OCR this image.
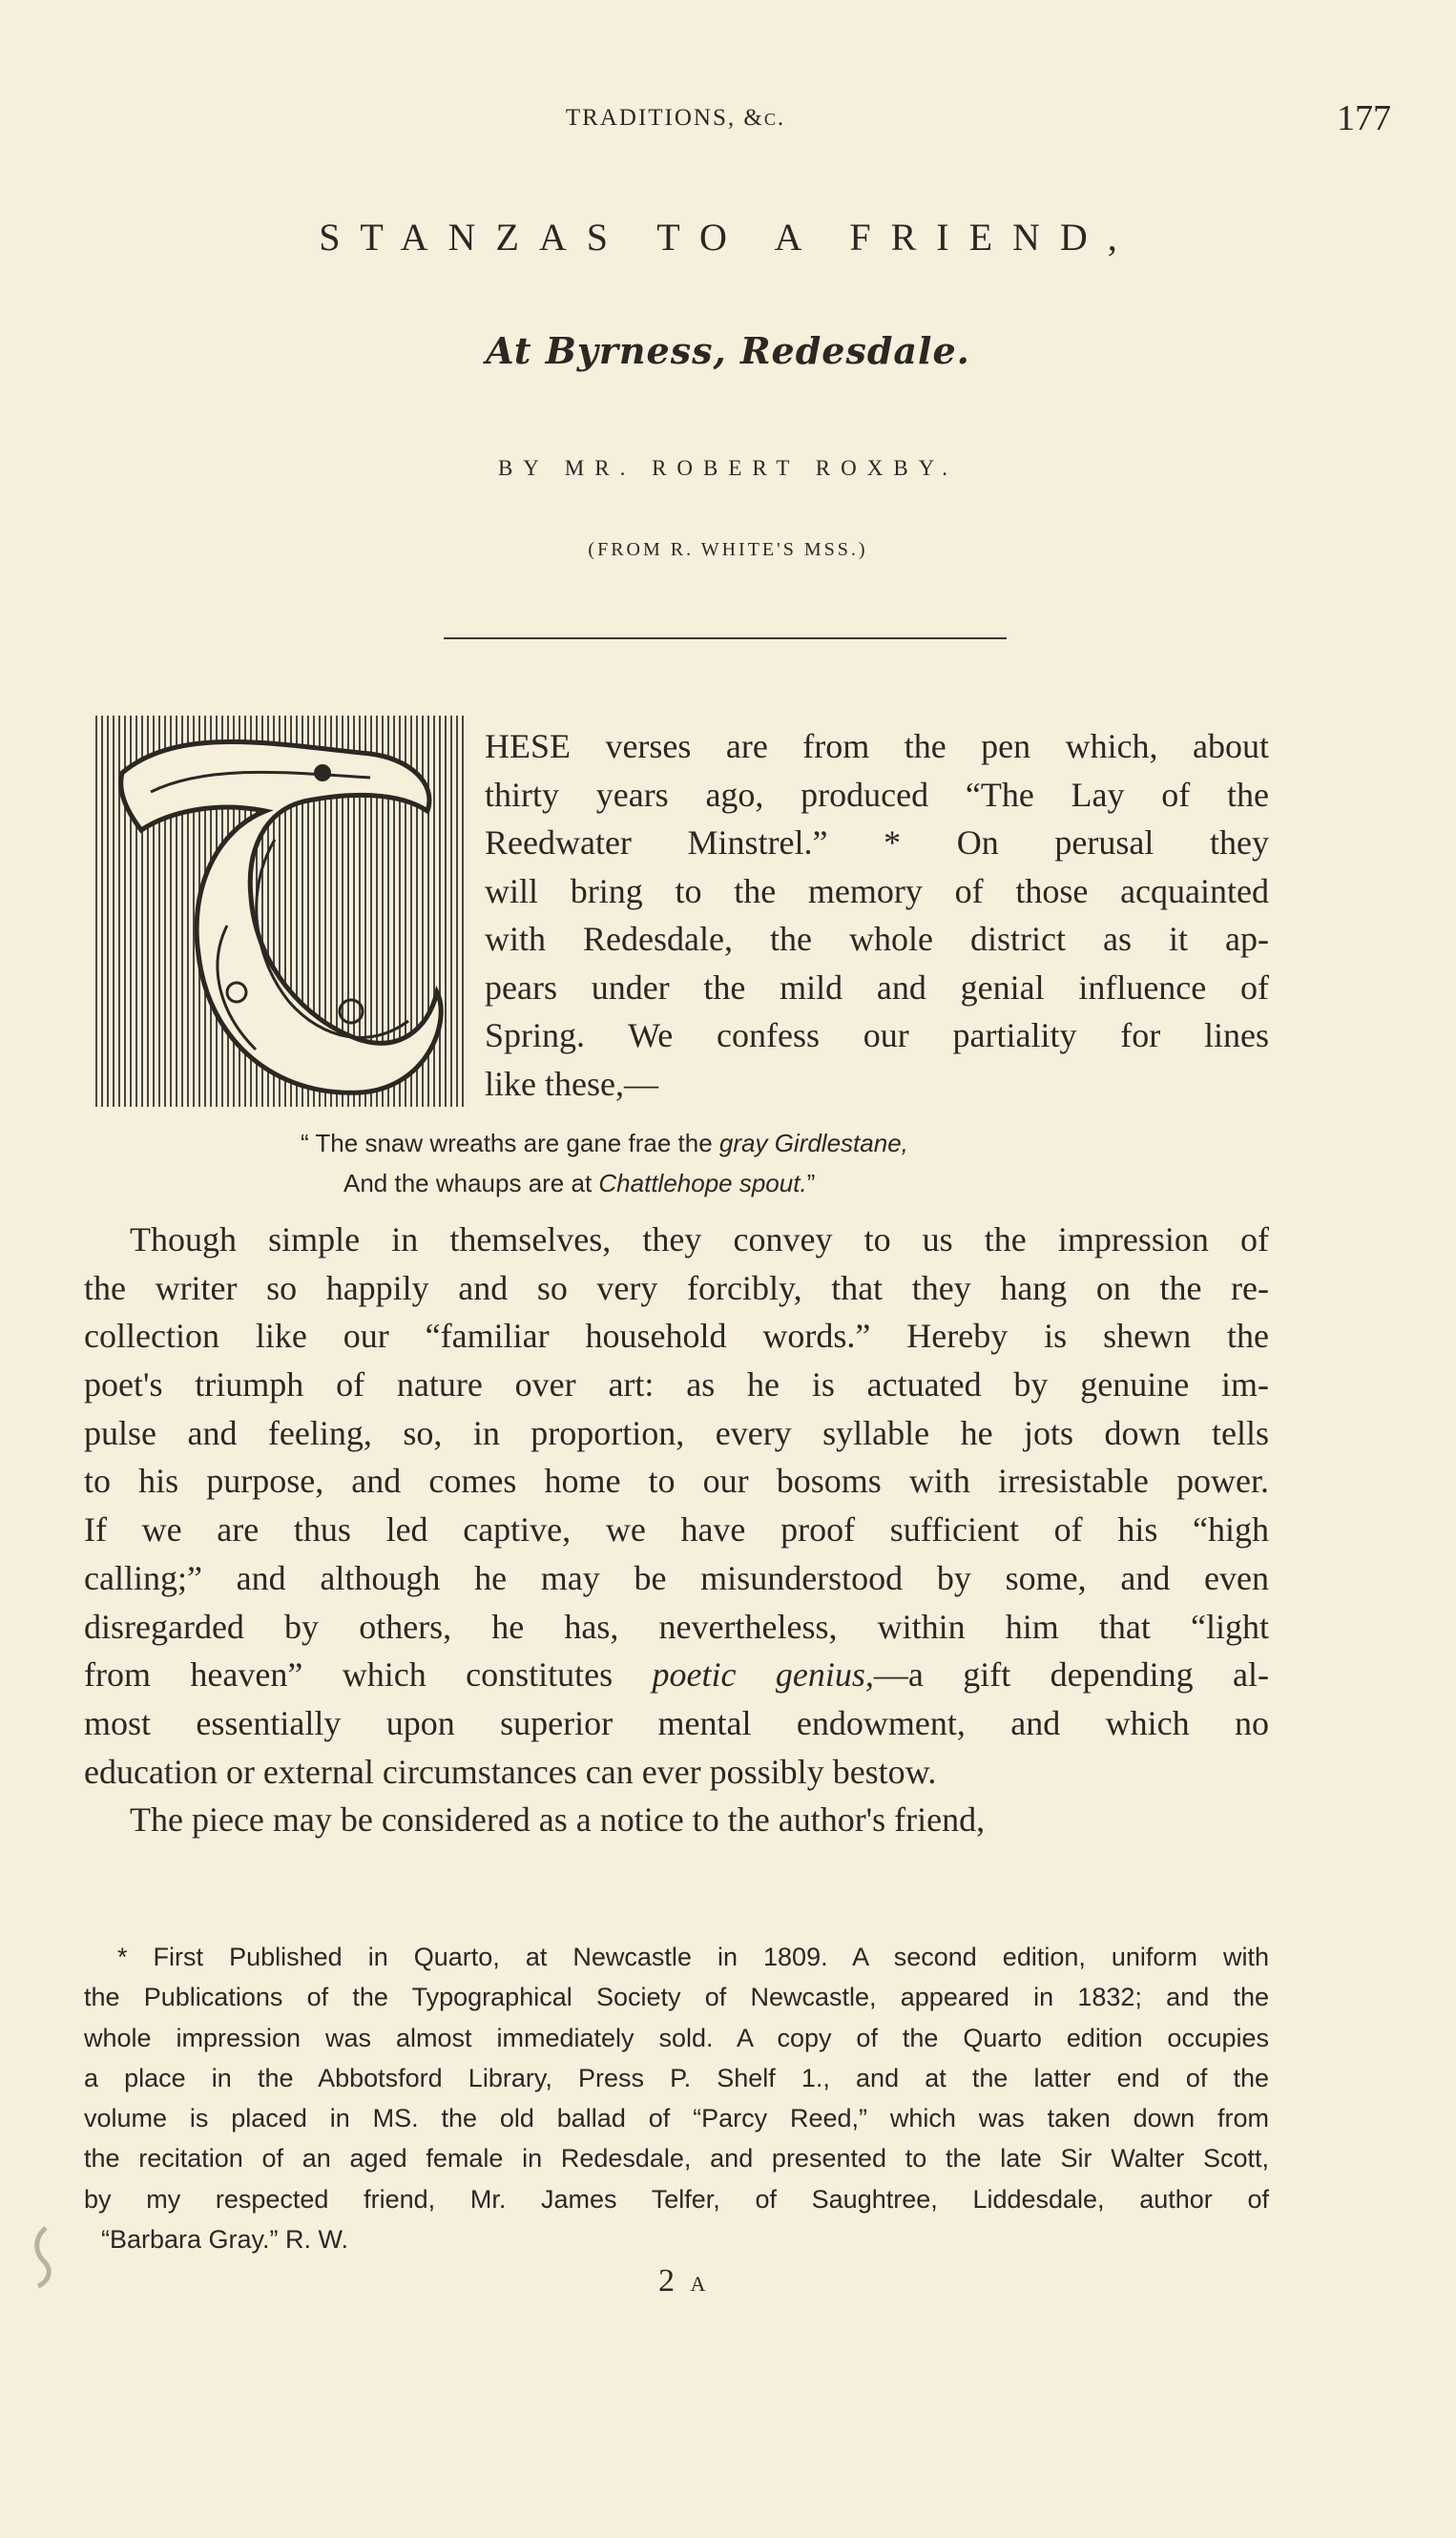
TRADITIONS, &c.	177
STANZAS TO A FRIEND,
At Byrness, Redesdale.
BY MR. ROBERT ROXBY.
(FROM R. WHITE'S MSS.)
HESE verses are from the pen which, about
thirty years ago, produced “The Lay of the
Reedwater Minstrel.” * On perusal they
will bring to the memory of those acquainted
with Redesdale, the whole district as it ap-
pears under the mild and genial influence of
Spring. We confess our partiality for lines
like these,—
“ The snaw wreaths are gane frae the gray Girdlestane,
And the whaups are at Chattlehope spout.”
Though simple in themselves, they convey to us the impression of
the writer so happily and so very forcibly, that they hang on the re-
collection like our “familiar household words.” Hereby is shewn the
poet's triumph of nature over art: as he is actuated by genuine im-
pulse and feeling, so, in proportion, every syllable he jots down tells
to his purpose, and comes home to our bosoms with irresistable power.
If we are thus led captive, we have proof sufficient of his “high
calling;” and although he may be misunderstood by some, and even
disregarded by others, he has, nevertheless, within him that “light
from heaven” which constitutes poetic genius,—a gift depending al-
most essentially upon superior mental endowment, and which no
education or external circumstances can ever possibly bestow.
The piece may be considered as a notice to the author's friend,
* First Published in Quarto, at Newcastle in 1809. A second edition, uniform with
the Publications of the Typographical Society of Newcastle, appeared in 1832; and the
whole impression was almost immediately sold. A copy of the Quarto edition occupies
a place in the Abbotsford Library, Press P. Shelf 1., and at the latter end of the
volume is placed in MS. the old ballad of “Parcy Reed,” which was taken down from
the recitation of an aged female in Redesdale, and presented to the late Sir Walter Scott,
by my respected friend, Mr. James Telfer, of Saughtree, Liddesdale, author of
“Barbara Gray.” R. W.
2 A
